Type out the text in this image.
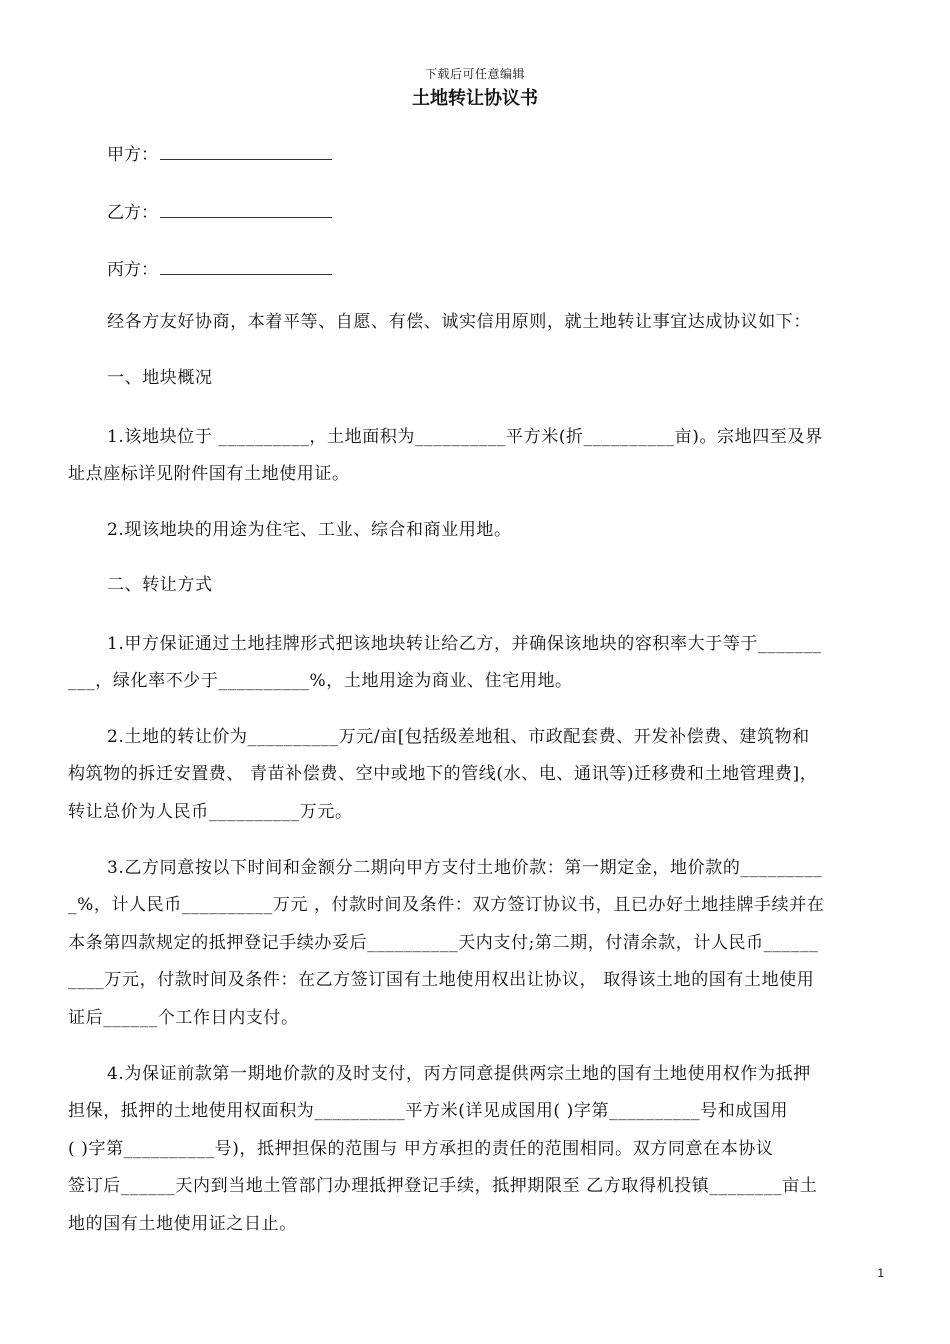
下载后可任意编辑
土地转让协议书
甲方：
乙方：
丙方：
经各方友好协商，本着平等、自愿、有偿、诚实信用原则，就土地转让事宜达成协议如下：
一、地块概况
1.该地块位于 __________，土地面积为__________平方米(折__________亩)。宗地四至及界
址点座标详见附件国有土地使用证。
2.现该地块的用途为住宅、工业、综合和商业用地。
二、转让方式
1.甲方保证通过土地挂牌形式把该地块转让给乙方，并确保该地块的容积率大于等于_______
___，绿化率不少于__________%，土地用途为商业、住宅用地。
2.土地的转让价为__________万元/亩[包括级差地租、市政配套费、开发补偿费、建筑物和
构筑物的拆迁安置费、 青苗补偿费、空中或地下的管线(水、电、通讯等)迁移费和土地管理费]，
转让总价为人民币__________万元。
3.乙方同意按以下时间和金额分二期向甲方支付土地价款：第一期定金，地价款的_________
_%，计人民币__________万元 ，付款时间及条件：双方签订协议书，且已办好土地挂牌手续并在
本条第四款规定的抵押登记手续办妥后__________天内支付;第二期，付清余款，计人民币______
____万元，付款时间及条件：在乙方签订国有土地使用权出让协议， 取得该土地的国有土地使用
证后______个工作日内支付。
4.为保证前款第一期地价款的及时支付，丙方同意提供两宗土地的国有土地使用权作为抵押
担保，抵押的土地使用权面积为__________平方米(详见成国用( )字第__________号和成国用
( )字第__________号)，抵押担保的范围与 甲方承担的责任的范围相同。双方同意在本协议
签订后______天内到当地土管部门办理抵押登记手续，抵押期限至 乙方取得机投镇________亩土
地的国有土地使用证之日止。
1
